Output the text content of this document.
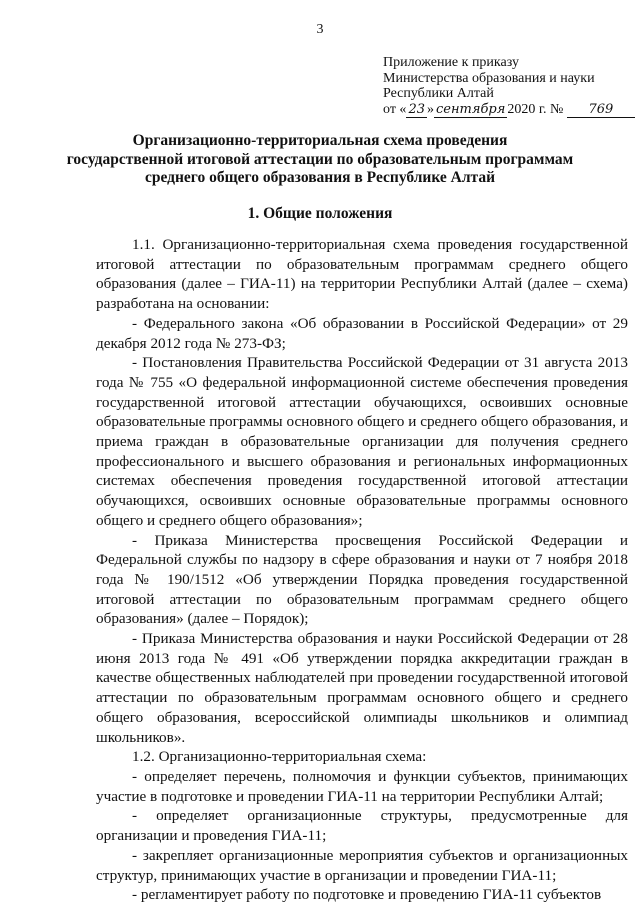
3
Приложение к приказу
Министерства образования и науки
Республики Алтай
от « 23 » сентября 2020 г. № 769
Организационно-территориальная схема проведения
государственной итоговой аттестации по образовательным программам
среднего общего образования в Республике Алтай
1. Общие положения

1.1. Организационно-территориальная схема проведения государственной итоговой аттестации по образовательным программам среднего общего образования (далее – ГИА-11) на территории Республики Алтай (далее – схема) разработана на основании:

- Федерального закона «Об образовании в Российской Федерации» от 29 декабря 2012 года № 273-ФЗ;

- Постановления Правительства Российской Федерации от 31 августа 2013 года № 755 «О федеральной информационной системе обеспечения проведения государственной итоговой аттестации обучающихся, освоивших основные образовательные программы основного общего и среднего общего образования, и приема граждан в образовательные организации для получения среднего профессионального и высшего образования и региональных информационных системах обеспечения проведения государственной итоговой аттестации обучающихся, освоивших основные образовательные программы основного общего и среднего общего образования»;

- Приказа Министерства просвещения Российской Федерации и Федеральной службы по надзору в сфере образования и науки от 7 ноября 2018 года № 190/1512 «Об утверждении Порядка проведения государственной итоговой аттестации по образовательным программам среднего общего образования» (далее – Порядок);

- Приказа Министерства образования и науки Российской Федерации от 28 июня 2013 года № 491 «Об утверждении порядка аккредитации граждан в качестве общественных наблюдателей при проведении государственной итоговой аттестации по образовательным программам основного общего и среднего общего образования, всероссийской олимпиады школьников и олимпиад школьников».

1.2. Организационно-территориальная схема:

- определяет перечень, полномочия и функции субъектов, принимающих участие в подготовке и проведении ГИА-11 на территории Республики Алтай;

- определяет организационные структуры, предусмотренные для организации и проведения ГИА-11;

- закрепляет организационные мероприятия субъектов и организационных структур, принимающих участие в организации и проведении ГИА-11;

- регламентирует работу по подготовке и проведению ГИА-11 субъектов
